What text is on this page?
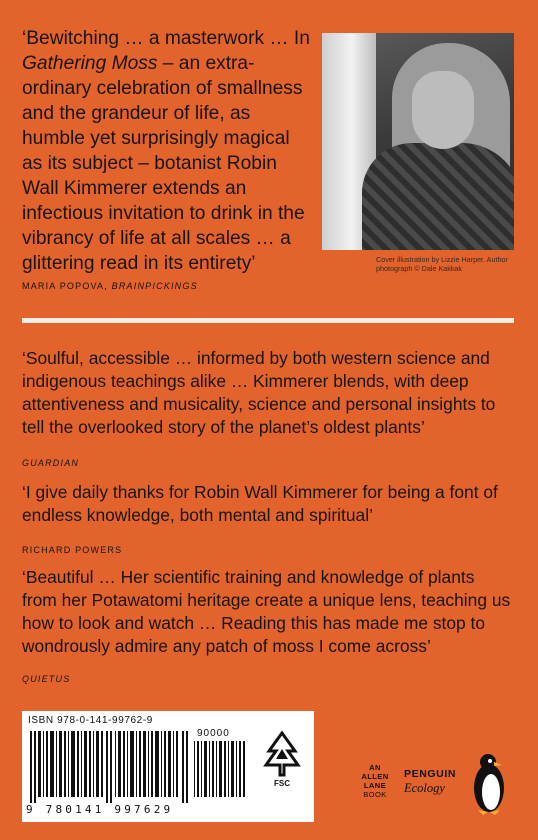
‘Bewitching … a masterwork … In Gathering Moss – an extraordinary celebration of smallness and the grandeur of life, as humble yet surprisingly magical as its subject – botanist Robin Wall Kimmerer extends an infectious invitation to drink in the vibrancy of life at all scales … a glittering read in its entirety’

MARIA POPOVA, BRAINPICKINGS

Cover illustration by Lizzie Harper. Author photograph © Dale Kakkak

‘Soulful, accessible … informed by both western science and indigenous teachings alike … Kimmerer blends, with deep attentiveness and musicality, science and personal insights to tell the overlooked story of the planet’s oldest plants’

GUARDIAN

‘I give daily thanks for Robin Wall Kimmerer for being a font of endless knowledge, both mental and spiritual’

RICHARD POWERS

‘Beautiful … Her scientific training and knowledge of plants from her Potawatomi heritage create a unique lens, teaching us how to look and watch … Reading this has made me stop to wondrously admire any patch of moss I come across’

QUIETUS

ISBN 978-0-141-99762-9

90000

FSC

9 780141 997629

AN
ALLEN
LANE
BOOK

PENGUIN

Ecology
